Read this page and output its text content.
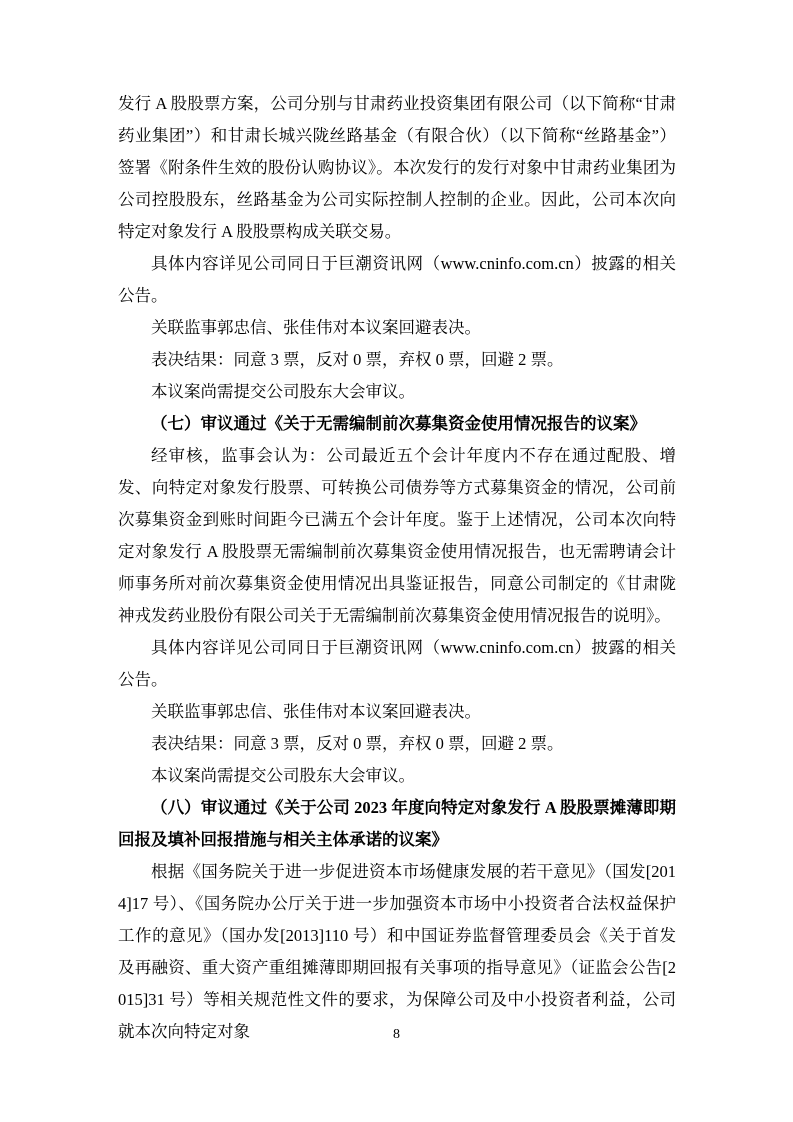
发行 A 股股票方案，公司分别与甘肃药业投资集团有限公司（以下简称“甘肃药业集团”）和甘肃长城兴陇丝路基金（有限合伙）（以下简称“丝路基金”）签署《附条件生效的股份认购协议》。本次发行的发行对象中甘肃药业集团为公司控股股东，丝路基金为公司实际控制人控制的企业。因此，公司本次向特定对象发行 A 股股票构成关联交易。

具体内容详见公司同日于巨潮资讯网（www.cninfo.com.cn）披露的相关公告。

关联监事郭忠信、张佳伟对本议案回避表决。

表决结果：同意 3 票，反对 0 票，弃权 0 票，回避 2 票。

本议案尚需提交公司股东大会审议。

（七）审议通过《关于无需编制前次募集资金使用情况报告的议案》

经审核，监事会认为：公司最近五个会计年度内不存在通过配股、增发、向特定对象发行股票、可转换公司债券等方式募集资金的情况，公司前次募集资金到账时间距今已满五个会计年度。鉴于上述情况，公司本次向特定对象发行 A 股股票无需编制前次募集资金使用情况报告，也无需聘请会计师事务所对前次募集资金使用情况出具鉴证报告，同意公司制定的《甘肃陇神戎发药业股份有限公司关于无需编制前次募集资金使用情况报告的说明》。

具体内容详见公司同日于巨潮资讯网（www.cninfo.com.cn）披露的相关公告。

关联监事郭忠信、张佳伟对本议案回避表决。

表决结果：同意 3 票，反对 0 票，弃权 0 票，回避 2 票。

本议案尚需提交公司股东大会审议。

（八）审议通过《关于公司 2023 年度向特定对象发行 A 股股票摊薄即期回报及填补回报措施与相关主体承诺的议案》

根据《国务院关于进一步促进资本市场健康发展的若干意见》（国发[2014]17 号）、《国务院办公厅关于进一步加强资本市场中小投资者合法权益保护工作的意见》（国办发[2013]110 号）和中国证券监督管理委员会《关于首发及再融资、重大资产重组摊薄即期回报有关事项的指导意见》（证监会公告[2015]31 号）等相关规范性文件的要求，为保障公司及中小投资者利益，公司就本次向特定对象	8
